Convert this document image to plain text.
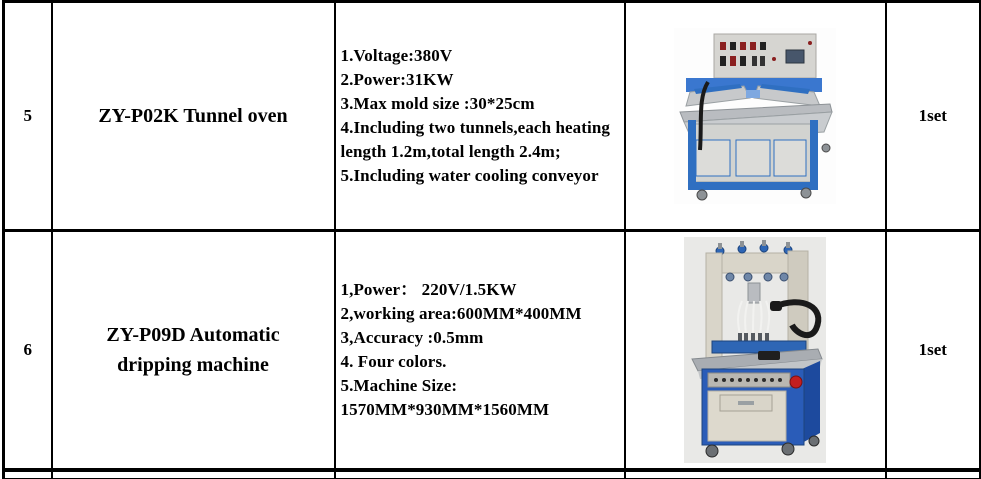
5	ZY-P02K Tunnel oven	1.Voltage:380V
2.Power:31KW
3.Max mold size :30*25cm
4.Including two tunnels,each heating length 1.2m,total length 2.4m;
5.Including water cooling conveyor		1set
6	ZY-P09D Automatic dripping machine	1,Power： 220V/1.5KW
2,working area:600MM*400MM
3,Accuracy :0.5mm
4. Four colors.
5.Machine Size: 1570MM*930MM*1560MM		1set
